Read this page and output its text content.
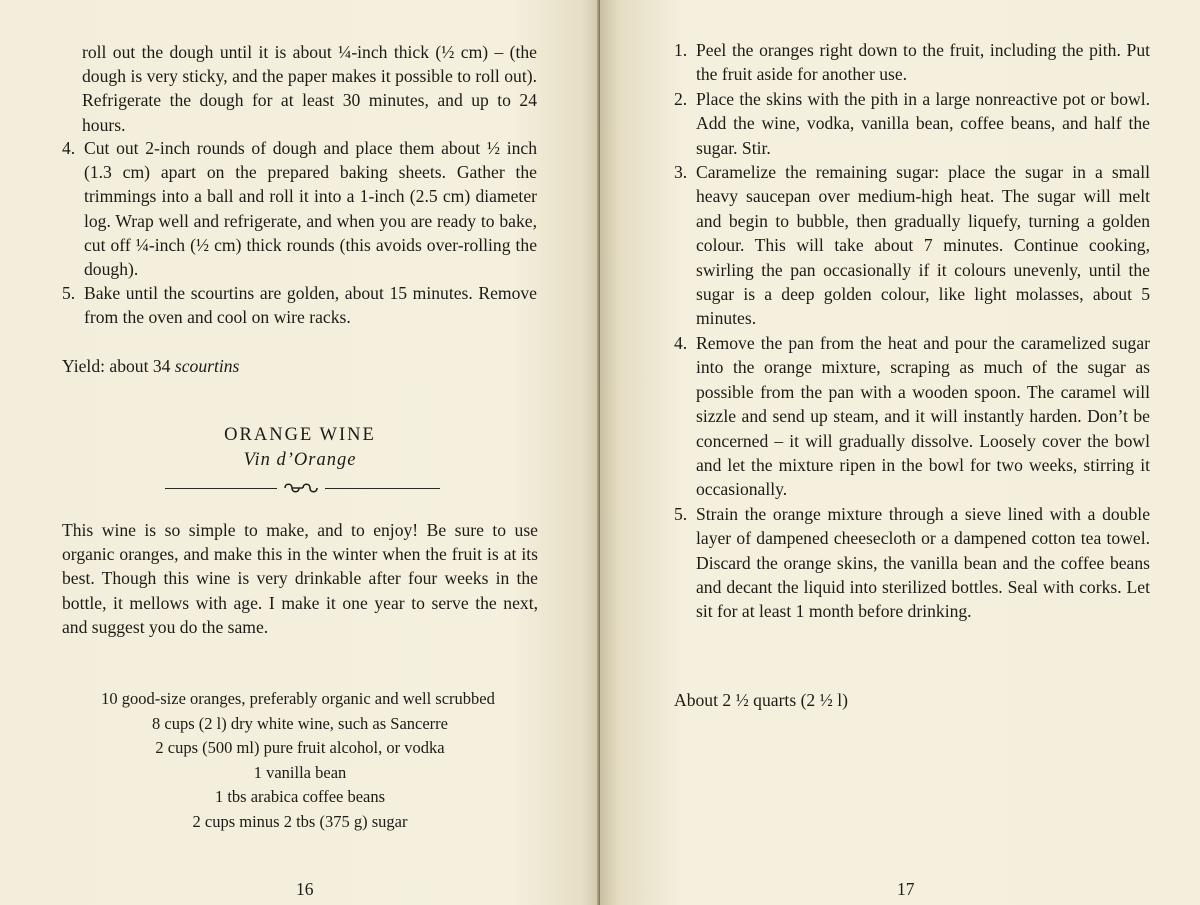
roll out the dough until it is about ¼-inch thick (½ cm) – (the dough is very sticky, and the paper makes it possible to roll out). Refrigerate the dough for at least 30 minutes, and up to 24 hours.
4. Cut out 2-inch rounds of dough and place them about ½ inch (1.3 cm) apart on the prepared baking sheets. Gather the trimmings into a ball and roll it into a 1-inch (2.5 cm) diameter log. Wrap well and refrigerate, and when you are ready to bake, cut off ¼-inch (½ cm) thick rounds (this avoids over-rolling the dough).
5. Bake until the scourtins are golden, about 15 minutes. Remove from the oven and cool on wire racks.
Yield: about 34 scourtins
ORANGE WINE
Vin d’Orange
This wine is so simple to make, and to enjoy! Be sure to use organic oranges, and make this in the winter when the fruit is at its best. Though this wine is very drinkable after four weeks in the bottle, it mellows with age. I make it one year to serve the next, and suggest you do the same.
10 good-size oranges, preferably organic and well scrubbed
8 cups (2 l) dry white wine, such as Sancerre
2 cups (500 ml) pure fruit alcohol, or vodka
1 vanilla bean
1 tbs arabica coffee beans
2 cups minus 2 tbs (375 g) sugar
16	17
1. Peel the oranges right down to the fruit, including the pith. Put the fruit aside for another use.
2. Place the skins with the pith in a large nonreactive pot or bowl. Add the wine, vodka, vanilla bean, coffee beans, and half the sugar. Stir.
3. Caramelize the remaining sugar: place the sugar in a small heavy saucepan over medium-high heat. The sugar will melt and begin to bubble, then gradually liquefy, turning a golden colour. This will take about 7 minutes. Continue cooking, swirling the pan occasionally if it colours unevenly, until the sugar is a deep golden colour, like light molasses, about 5 minutes.
4. Remove the pan from the heat and pour the caramelized sugar into the orange mixture, scraping as much of the sugar as possible from the pan with a wooden spoon. The caramel will sizzle and send up steam, and it will instantly harden. Don’t be concerned – it will gradually dissolve. Loosely cover the bowl and let the mixture ripen in the bowl for two weeks, stirring it occasionally.
5. Strain the orange mixture through a sieve lined with a double layer of dampened cheesecloth or a dampened cotton tea towel. Discard the orange skins, the vanilla bean and the coffee beans and decant the liquid into sterilized bottles. Seal with corks. Let sit for at least 1 month before drinking.
About 2 ½ quarts (2 ½ l)
